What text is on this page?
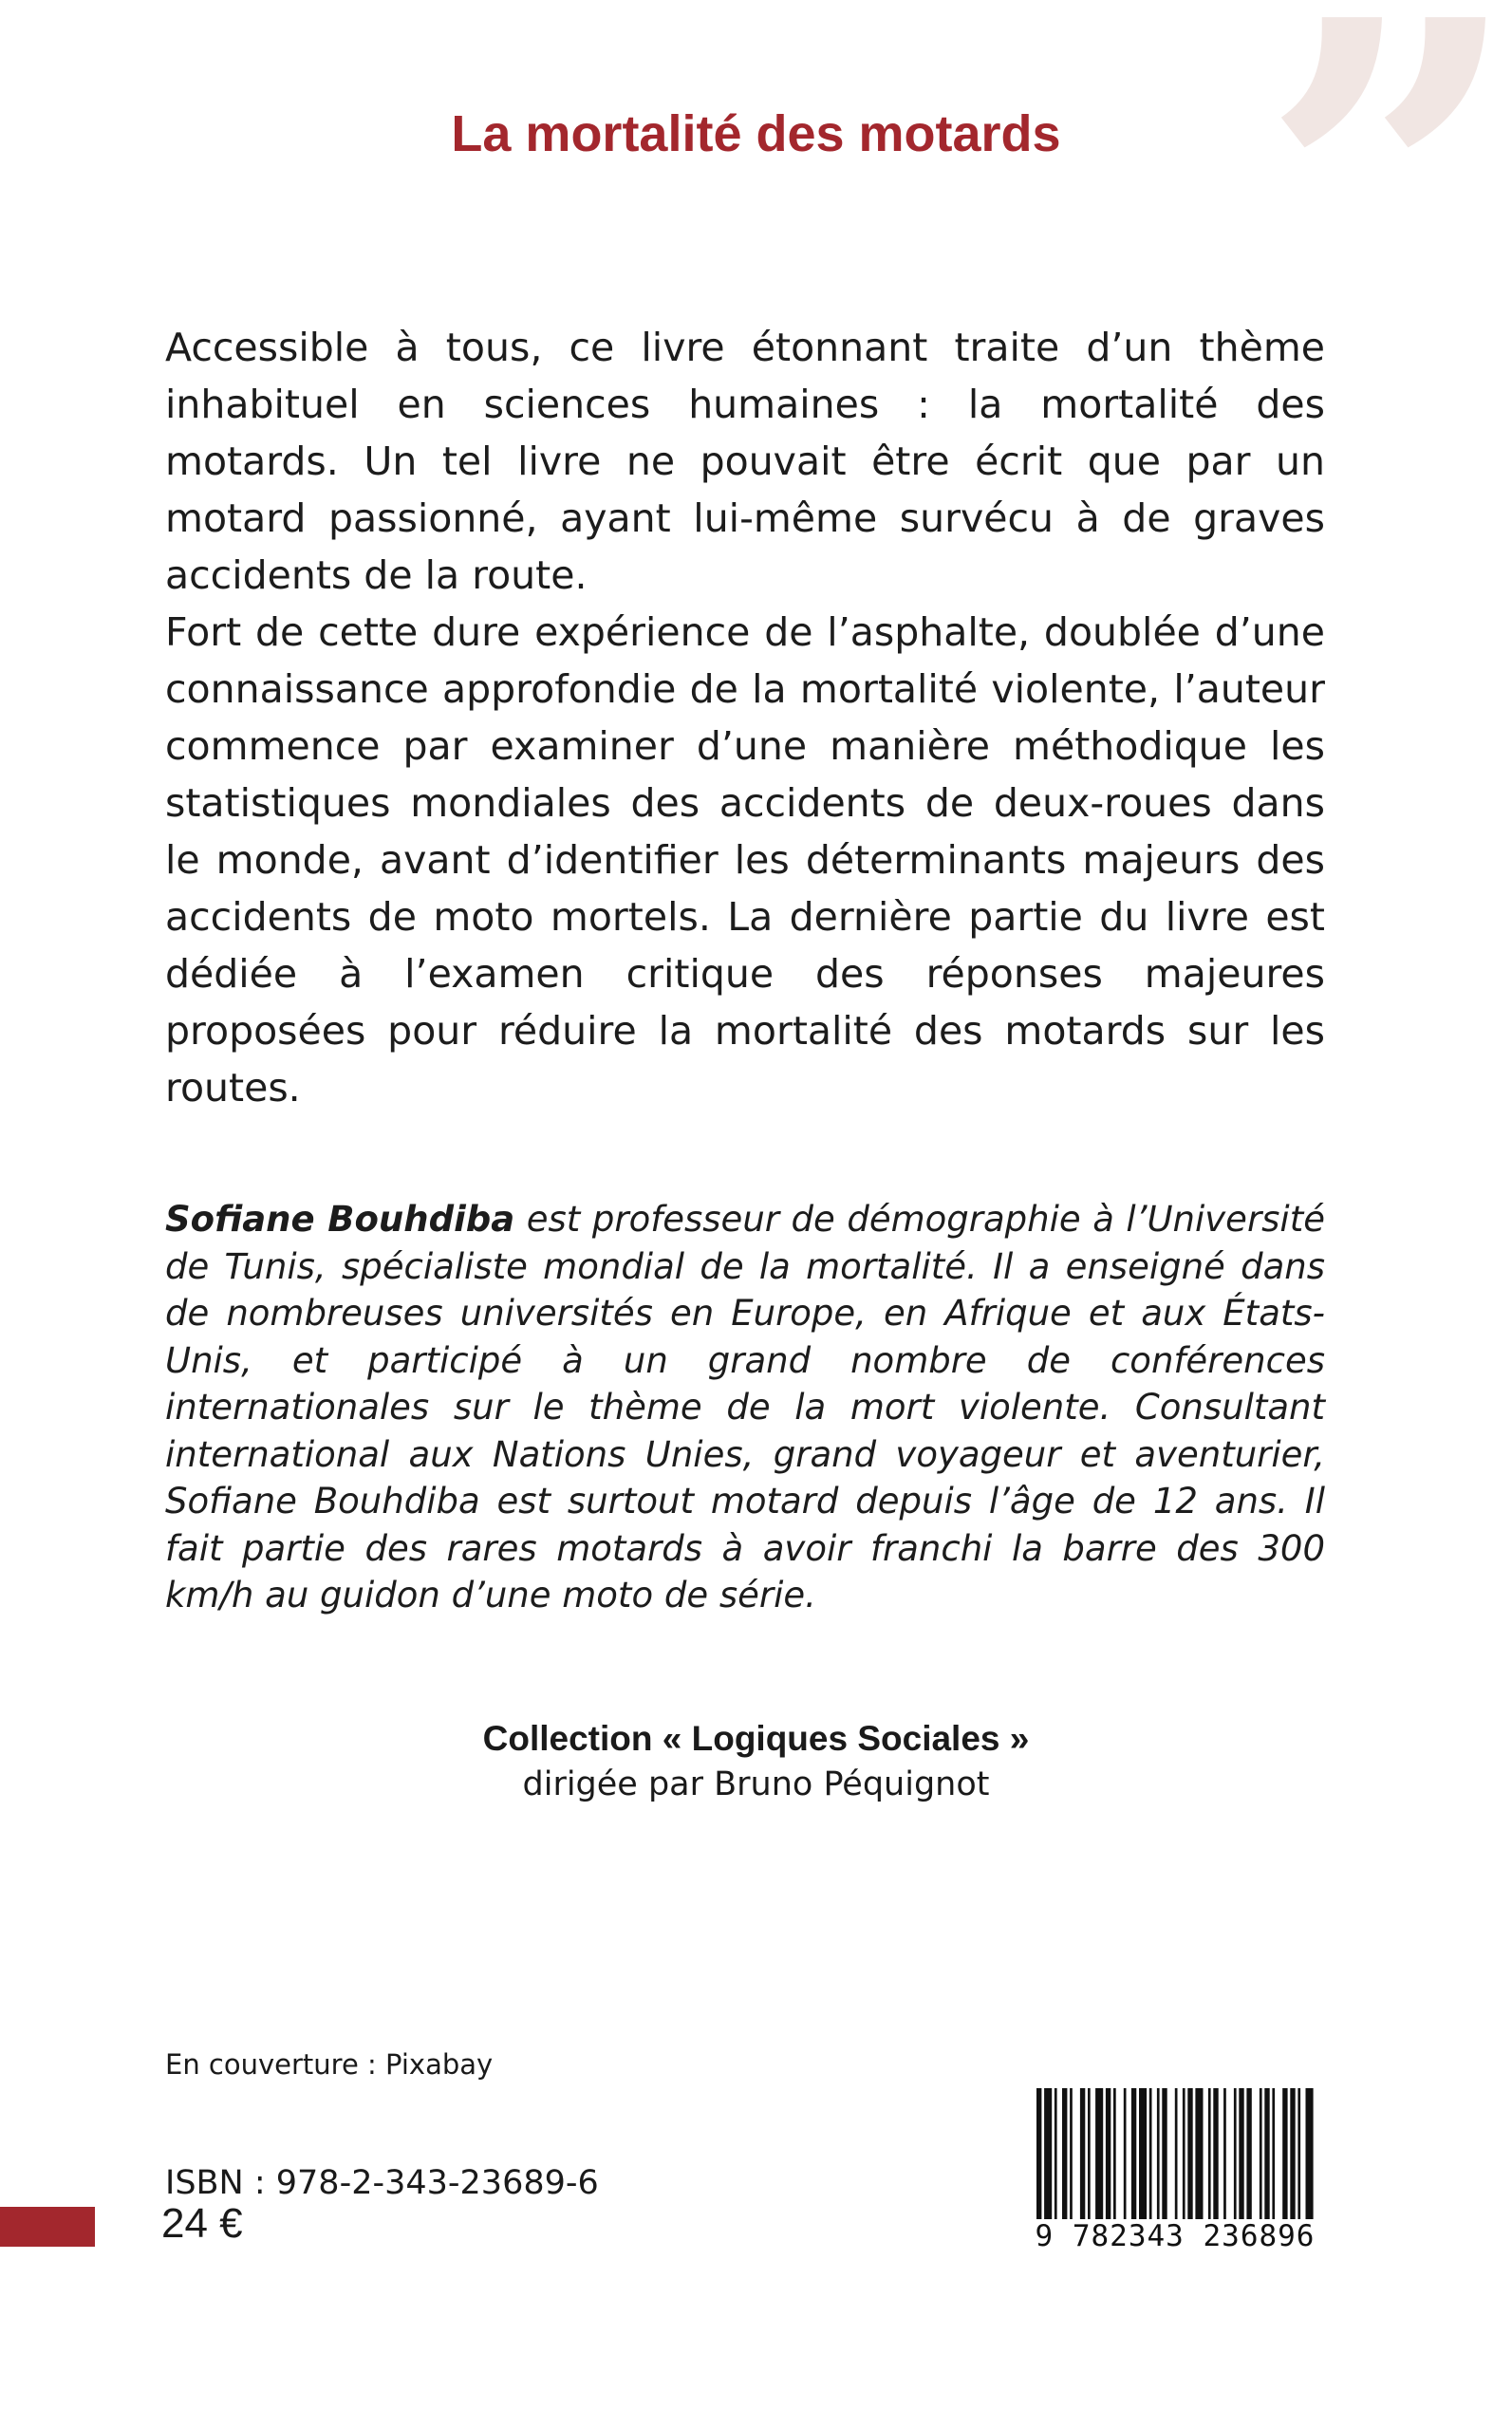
”
La mortalité des motards
Accessible à tous, ce livre étonnant traite d’un thème inhabituel en sciences humaines : la mortalité des motards. Un tel livre ne pouvait être écrit que par un motard passionné, ayant lui-même survécu à de graves accidents de la route.
Fort de cette dure expérience de l’asphalte, doublée d’une connaissance approfondie de la mortalité violente, l’auteur commence par examiner d’une manière méthodique les statistiques mondiales des accidents de deux-roues dans le monde, avant d’identifier les déterminants majeurs des accidents de moto mortels. La dernière partie du livre est dédiée à l’examen critique des réponses majeures proposées pour réduire la mortalité des motards sur les routes.

Sofiane Bouhdiba est professeur de démographie à l’Université de Tunis, spécialiste mondial de la mortalité. Il a enseigné dans de nombreuses universités en Europe, en Afrique et aux États-Unis, et participé à un grand nombre de conférences internationales sur le thème de la mort violente. Consultant international aux Nations Unies, grand voyageur et aventurier, Sofiane Bouhdiba est surtout motard depuis l’âge de 12 ans. Il fait partie des rares motards à avoir franchi la barre des 300 km/h au guidon d’une moto de série.

Collection « Logiques Sociales »
dirigée par Bruno Péquignot
En couverture : Pixabay
ISBN : 978-2-343-23689-6
24 €	9 782343 236896
